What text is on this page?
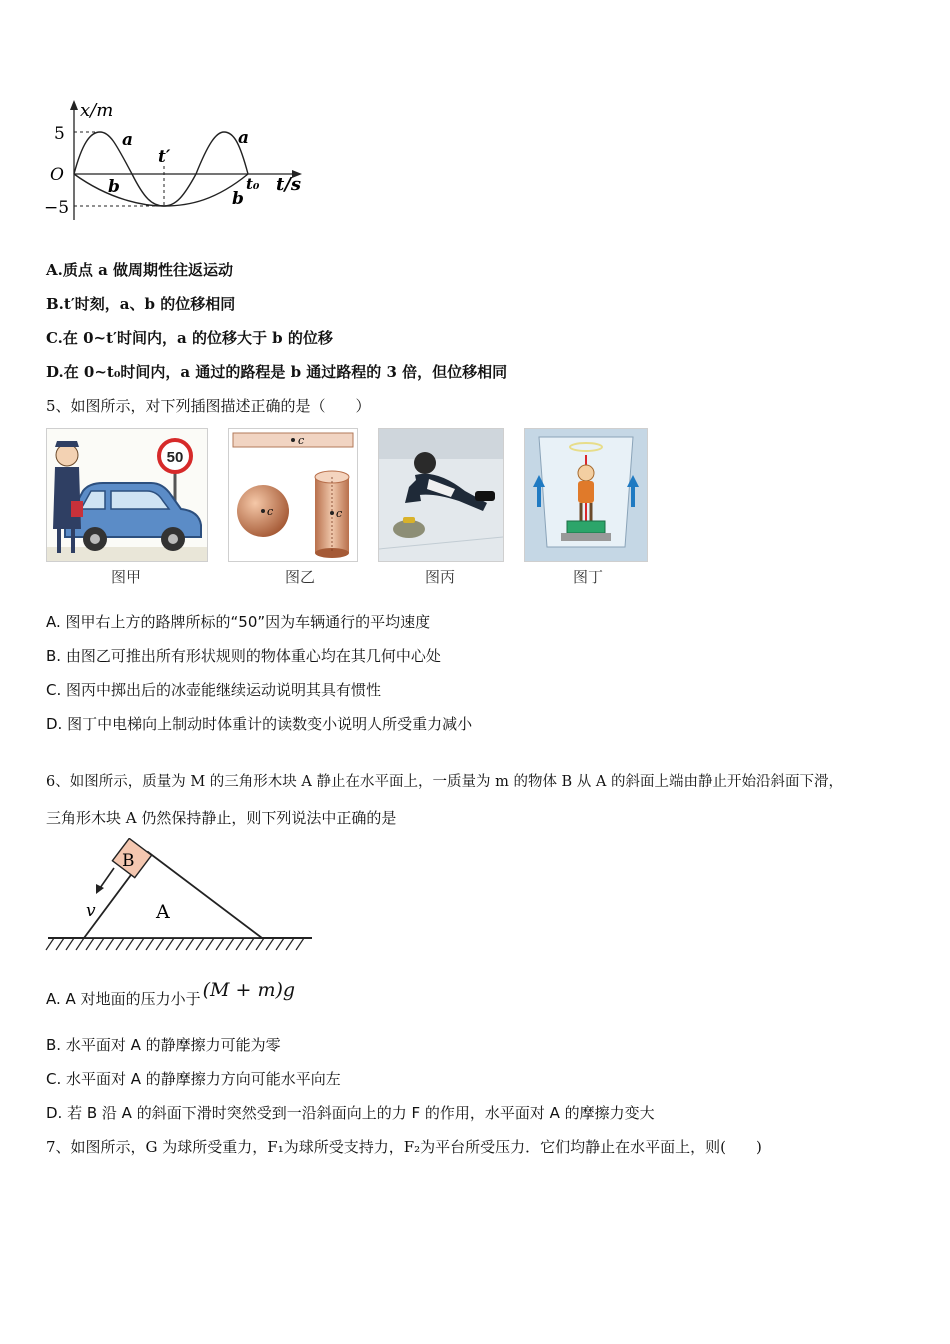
x/m
5
−5
O
a	a
b
b
t′
t₀ t/s
A.质点 a 做周期性往返运动
B.t′时刻，a、b 的位移相同
C.在 0~t′时间内，a 的位移大于 b 的位移
D.在 0~t₀时间内，a 通过的路程是 b 通过路程的 3 倍，但位移相同
5、如图所示，对下列插图描述正确的是（　　）
50
图甲
c
c	c
图乙	图丙	图丁
A. 图甲右上方的路牌所标的“50”因为车辆通行的平均速度
B. 由图乙可推出所有形状规则的物体重心均在其几何中心处
C. 图丙中掷出后的冰壶能继续运动说明其具有惯性
D. 图丁中电梯向上制动时体重计的读数变小说明人所受重力减小
6、如图所示，质量为 M 的三角形木块 A 静止在水平面上，一质量为 m 的物体 B 从 A 的斜面上端由静止开始沿斜面下滑，
三角形木块 A 仍然保持静止，则下列说法中正确的是
A
B
v
A. A 对地面的压力小于 (M + m)g
B. 水平面对 A 的静摩擦力可能为零
C. 水平面对 A 的静摩擦力方向可能水平向左
D. 若 B 沿 A 的斜面下滑时突然受到一沿斜面向上的力 F 的作用，水平面对 A 的摩擦力变大
7、如图所示，G 为球所受重力，F₁为球所受支持力，F₂为平台所受压力．它们均静止在水平面上，则(　　)
